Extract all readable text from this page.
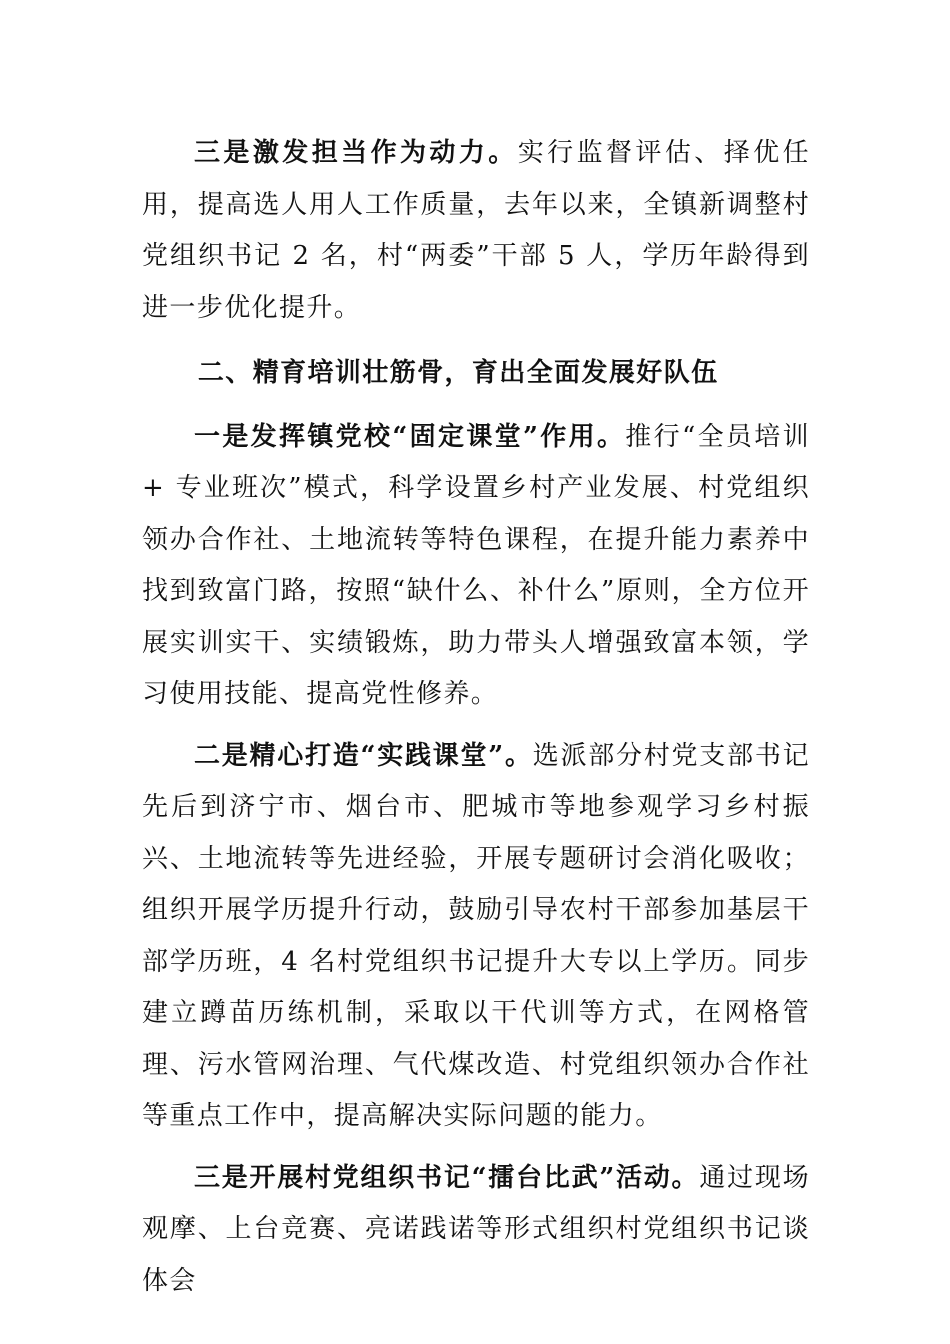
三是激发担当作为动力。实行监督评估、择优任用，提高选人用人工作质量，去年以来，全镇新调整村党组织书记 2 名，村“两委”干部 5 人，学历年龄得到进一步优化提升。

二、精育培训壮筋骨，育出全面发展好队伍

一是发挥镇党校“固定课堂”作用。推行“全员培训 + 专业班次”模式，科学设置乡村产业发展、村党组织领办合作社、土地流转等特色课程，在提升能力素养中找到致富门路，按照“缺什么、补什么”原则，全方位开展实训实干、实绩锻炼，助力带头人增强致富本领，学习使用技能、提高党性修养。

二是精心打造“实践课堂”。选派部分村党支部书记先后到济宁市、烟台市、肥城市等地参观学习乡村振兴、土地流转等先进经验，开展专题研讨会消化吸收；组织开展学历提升行动，鼓励引导农村干部参加基层干部学历班，4 名村党组织书记提升大专以上学历。同步建立蹲苗历练机制，采取以干代训等方式，在网格管理、污水管网治理、气代煤改造、村党组织领办合作社等重点工作中，提高解决实际问题的能力。

三是开展村党组织书记“擂台比武”活动。通过现场观摩、上台竞赛、亮诺践诺等形式组织村党组织书记谈体会
